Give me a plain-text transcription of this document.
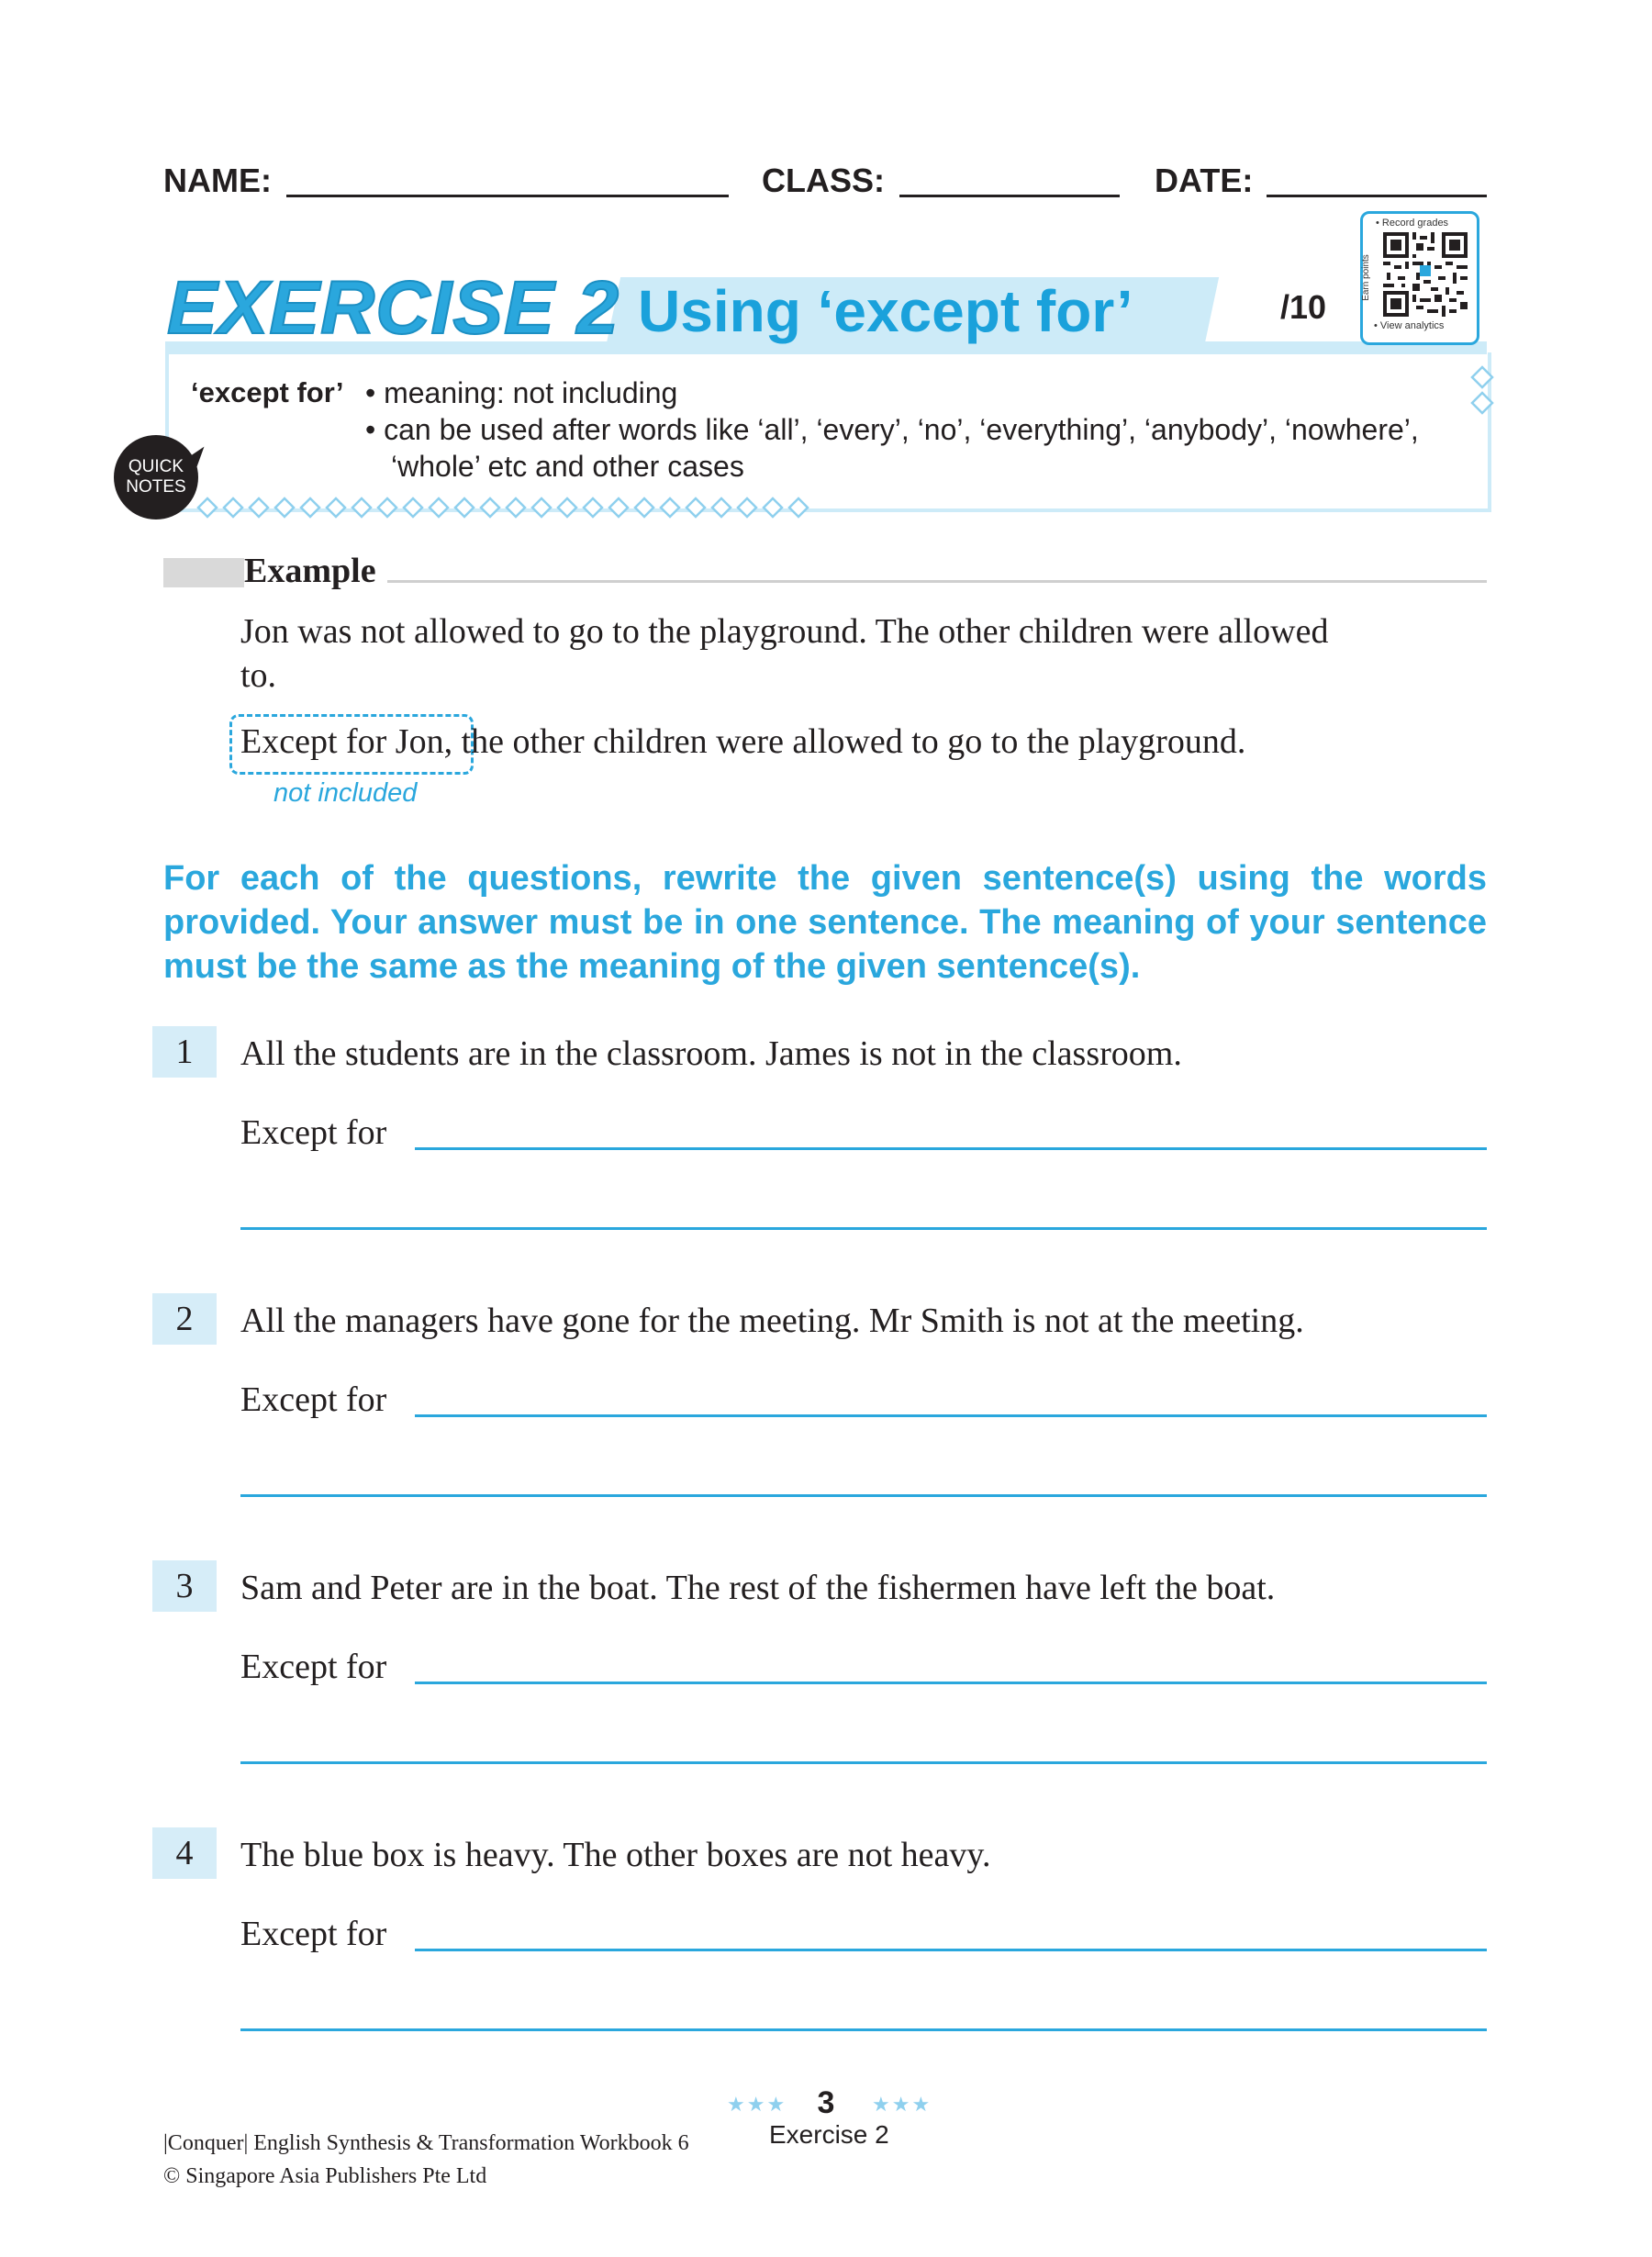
NAME:	CLASS:	DATE:
EXERCISE 2 Using ‘except for’	/10
• Record grades
Earn points
• View analytics
‘except for’ • meaning: not including
• can be used after words like ‘all’, ‘every’, ‘no’, ‘everything’, ‘anybody’, ‘nowhere’,
‘whole’ etc and other cases
QUICK
NOTES
Example
Jon was not allowed to go to the playground. The other children were allowed
to.
Except for Jon, the other children were allowed to go to the playground.
not included
For each of the questions, rewrite the given sentence(s) using the words provided. Your answer must be in one sentence. The meaning of your sentence must be the same as the meaning of the given sentence(s).
1	All the students are in the classroom. James is not in the classroom.
Except for
2	All the managers have gone for the meeting. Mr Smith is not at the meeting.
Except for
3	Sam and Peter are in the boat. The rest of the fishermen have left the boat.
Except for
4	The blue box is heavy. The other boxes are not heavy.
Except for
★★★ 3	★★★
Exercise 2
|Conquer| English Synthesis & Transformation Workbook 6
© Singapore Asia Publishers Pte Ltd
